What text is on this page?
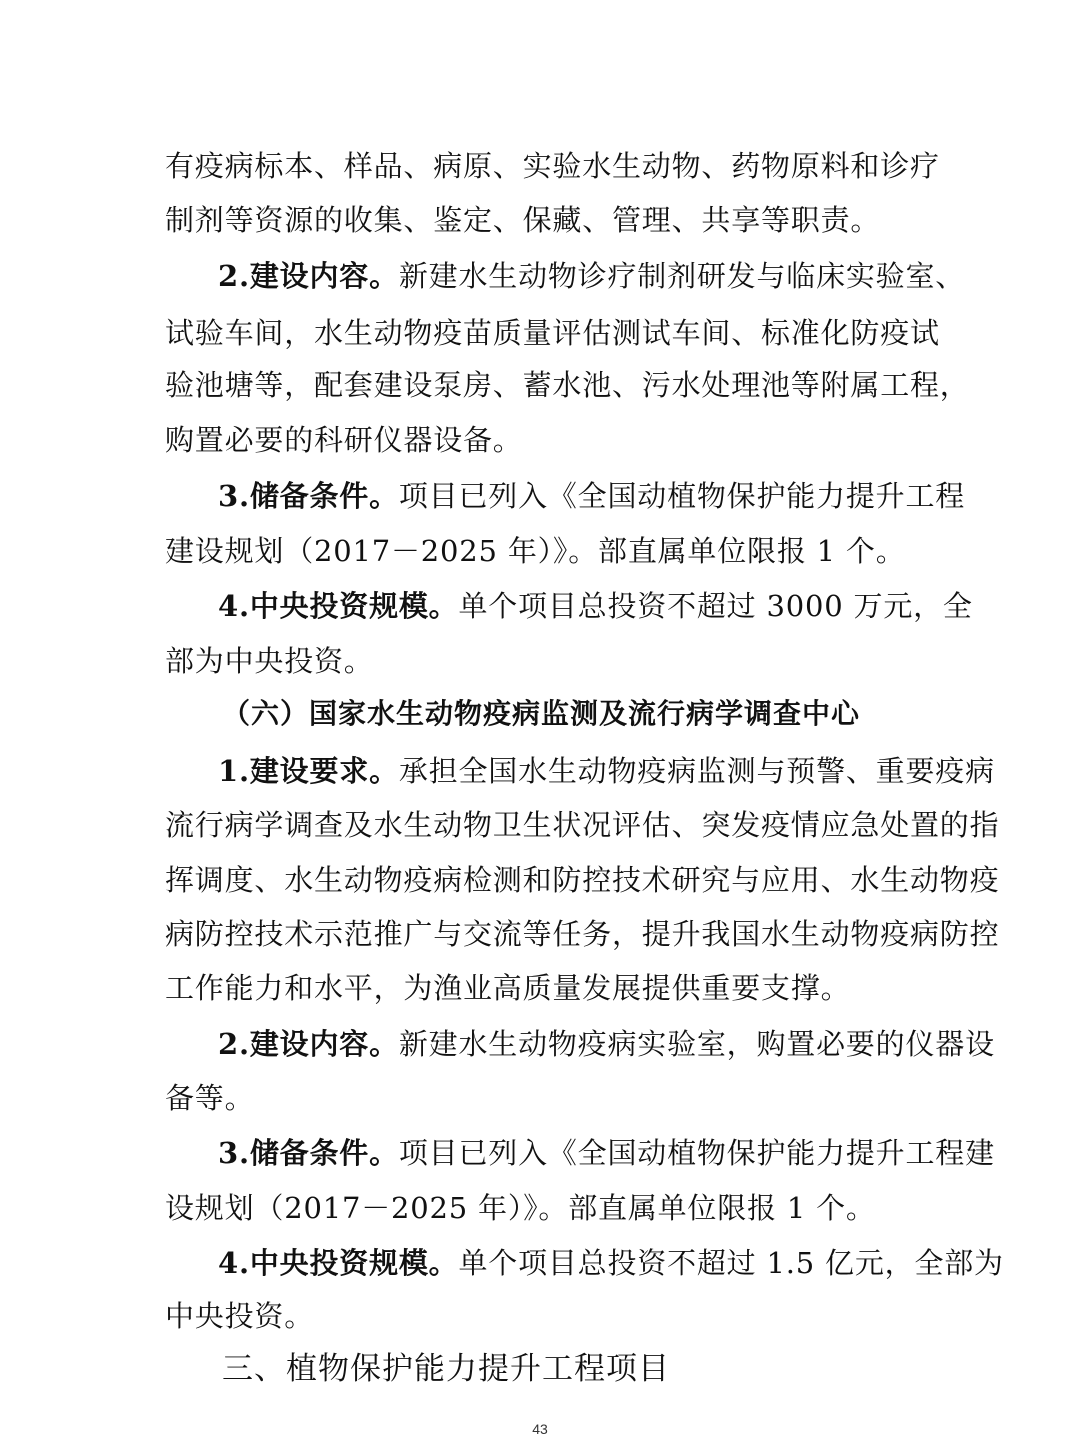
有疫病标本、样品、病原、实验水生动物、药物原料和诊疗
制剂等资源的收集、鉴定、保藏、管理、共享等职责。
2.建设内容。新建水生动物诊疗制剂研发与临床实验室、
试验车间，水生动物疫苗质量评估测试车间、标准化防疫试
验池塘等，配套建设泵房、蓄水池、污水处理池等附属工程，
购置必要的科研仪器设备。
3.储备条件。项目已列入《全国动植物保护能力提升工程
建设规划（2017－2025 年）》。部直属单位限报 1 个。
4.中央投资规模。单个项目总投资不超过 3000 万元，全
部为中央投资。
（六）国家水生动物疫病监测及流行病学调查中心
1.建设要求。承担全国水生动物疫病监测与预警、重要疫病
流行病学调查及水生动物卫生状况评估、突发疫情应急处置的指
挥调度、水生动物疫病检测和防控技术研究与应用、水生动物疫
病防控技术示范推广与交流等任务，提升我国水生动物疫病防控
工作能力和水平，为渔业高质量发展提供重要支撑。
2.建设内容。新建水生动物疫病实验室，购置必要的仪器设
备等。
3.储备条件。项目已列入《全国动植物保护能力提升工程建
设规划（2017－2025 年）》。部直属单位限报 1 个。
4.中央投资规模。单个项目总投资不超过 1.5 亿元，全部为
中央投资。
三、植物保护能力提升工程项目
43
